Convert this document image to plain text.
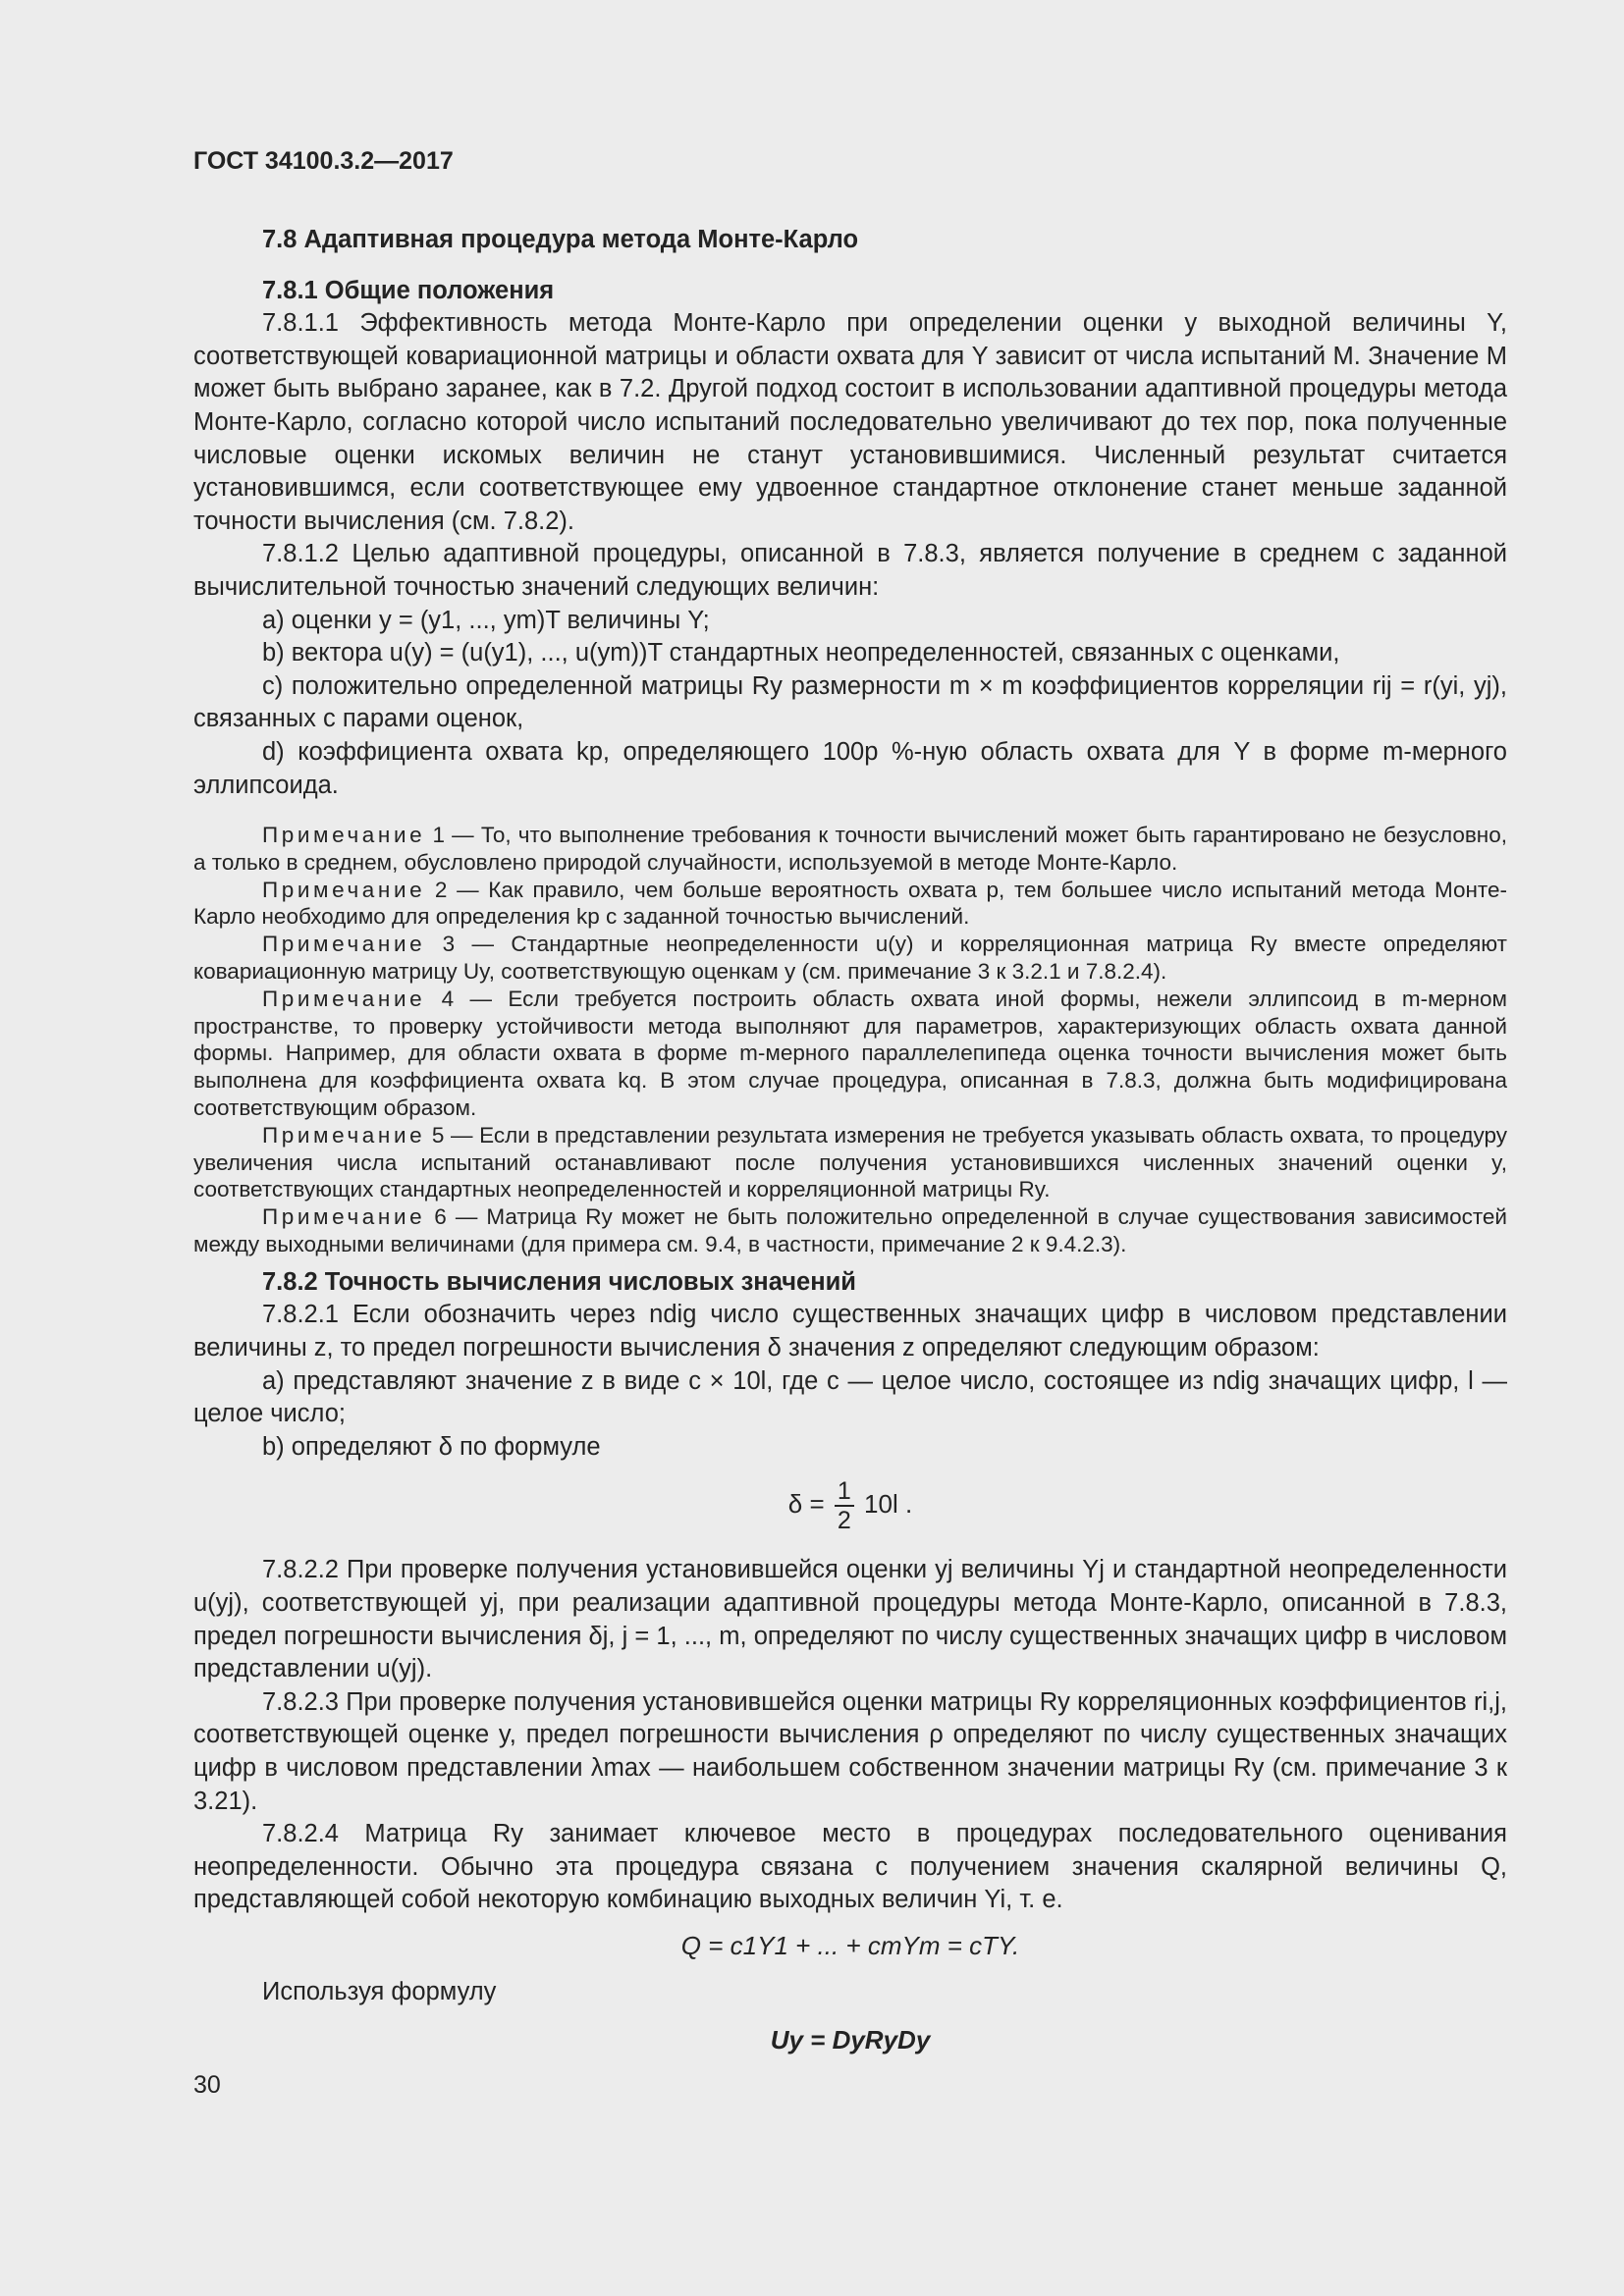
ГОСТ 34100.3.2—2017
7.8 Адаптивная процедура метода Монте-Карло
7.8.1 Общие положения

7.8.1.1 Эффективность метода Монте-Карло при определении оценки y выходной величины Y, соответствующей ковариационной матрицы и области охвата для Y зависит от числа испытаний M. Значение M может быть выбрано заранее, как в 7.2. Другой подход состоит в использовании адаптивной процедуры метода Монте-Карло, согласно которой число испытаний последовательно увеличивают до тех пор, пока полученные числовые оценки искомых величин не станут установившимися. Численный результат считается установившимся, если соответствующее ему удвоенное стандартное отклонение станет меньше заданной точности вычисления (см. 7.8.2).

7.8.1.2 Целью адаптивной процедуры, описанной в 7.8.3, является получение в среднем с заданной вычислительной точностью значений следующих величин:

a) оценки y = (y1, ..., ym)T величины Y;

b) вектора u(y) = (u(y1), ..., u(ym))T стандартных неопределенностей, связанных с оценками,

c) положительно определенной матрицы Ry размерности m × m коэффициентов корреляции rij = r(yi, yj), связанных с парами оценок,

d) коэффициента охвата kp, определяющего 100p %-ную область охвата для Y в форме m-мерного эллипсоида.

Примечание 1 — То, что выполнение требования к точности вычислений может быть гарантировано не безусловно, а только в среднем, обусловлено природой случайности, используемой в методе Монте-Карло.

Примечание 2 — Как правило, чем больше вероятность охвата p, тем большее число испытаний метода Монте-Карло необходимо для определения kp с заданной точностью вычислений.

Примечание 3 — Стандартные неопределенности u(y) и корреляционная матрица Ry вместе определяют ковариационную матрицу Uy, соответствующую оценкам y (см. примечание 3 к 3.2.1 и 7.8.2.4).

Примечание 4 — Если требуется построить область охвата иной формы, нежели эллипсоид в m-мерном пространстве, то проверку устойчивости метода выполняют для параметров, характеризующих область охвата данной формы. Например, для области охвата в форме m-мерного параллелепипеда оценка точности вычисления может быть выполнена для коэффициента охвата kq. В этом случае процедура, описанная в 7.8.3, должна быть модифицирована соответствующим образом.

Примечание 5 — Если в представлении результата измерения не требуется указывать область охвата, то процедуру увеличения числа испытаний останавливают после получения установившихся численных значений оценки y, соответствующих стандартных неопределенностей и корреляционной матрицы Ry.

Примечание 6 — Матрица Ry может не быть положительно определенной в случае существования зависимостей между выходными величинами (для примера см. 9.4, в частности, примечание 2 к 9.4.2.3).

7.8.2 Точность вычисления числовых значений

7.8.2.1 Если обозначить через ndig число существенных значащих цифр в числовом представлении величины z, то предел погрешности вычисления δ значения z определяют следующим образом:

a) представляют значение z в виде c × 10l, где c — целое число, состоящее из ndig значащих цифр, l — целое число;

b) определяют δ по формуле

$\delta = \frac{1}{2} 10l$ .

7.8.2.2 При проверке получения установившейся оценки yj величины Yj и стандартной неопределенности u(yj), соответствующей yj, при реализации адаптивной процедуры метода Монте-Карло, описанной в 7.8.3, предел погрешности вычисления δj, j = 1, ..., m, определяют по числу существенных значащих цифр в числовом представлении u(yj).

7.8.2.3 При проверке получения установившейся оценки матрицы Ry корреляционных коэффициентов ri,j, соответствующей оценке y, предел погрешности вычисления ρ определяют по числу существенных значащих цифр в числовом представлении λmax — наибольшем собственном значении матрицы Ry (см. примечание 3 к 3.21).

7.8.2.4 Матрица Ry занимает ключевое место в процедурах последовательного оценивания неопределенности. Обычно эта процедура связана с получением значения скалярной величины Q, представляющей собой некоторую комбинацию выходных величин Yi, т. е.

Q = c1Y1 + ... + cmYm = cTY.

Используя формулу

Uy = DyRyDy
30
